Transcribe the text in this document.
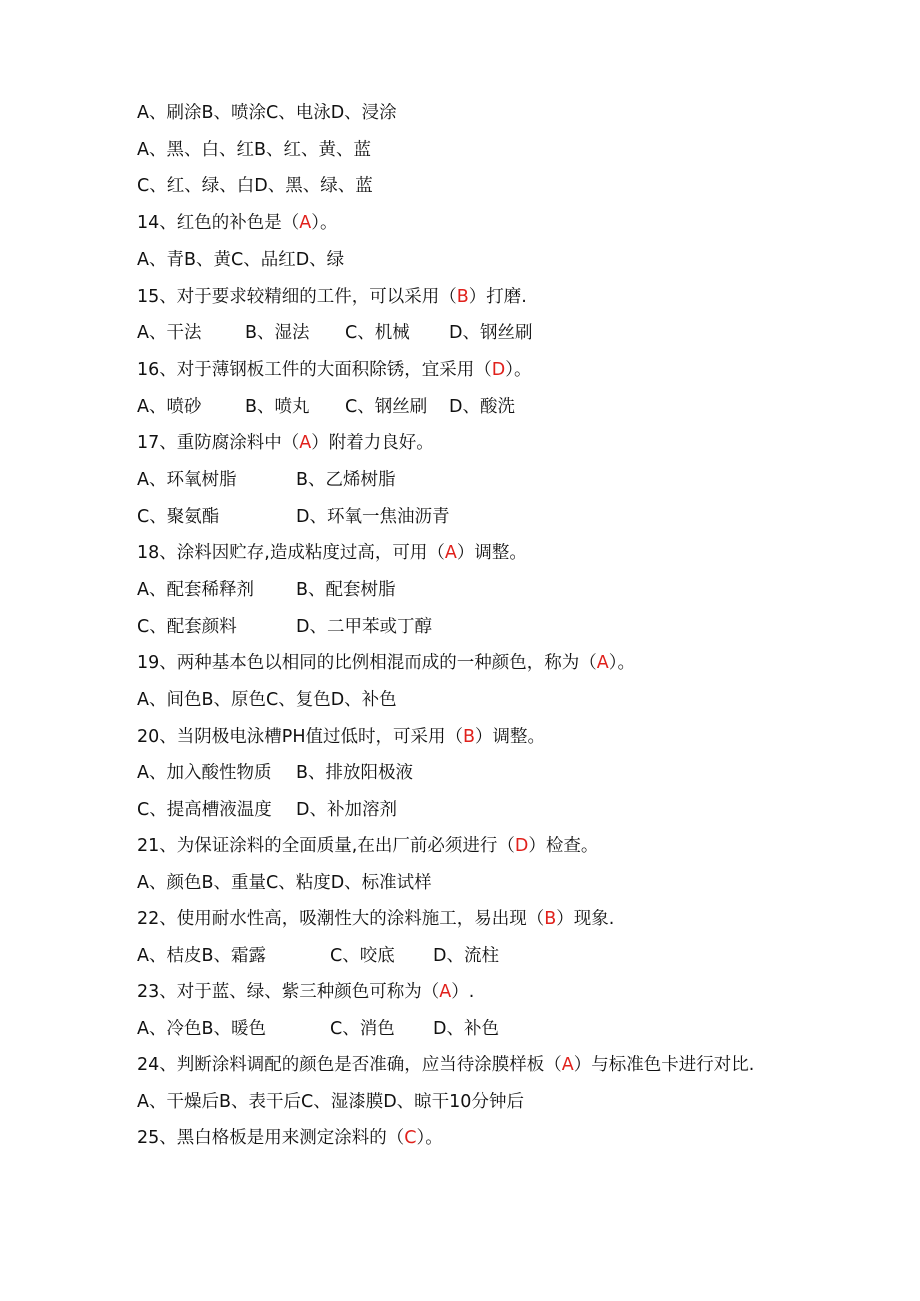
A、刷涂B、喷涂C、电泳D、浸涂
A、黑、白、红B、红、黄、蓝
C、红、绿、白D、黑、绿、蓝
14、红色的补色是（A）。
A、青B、黄C、品红D、绿
15、对于要求较精细的工件，可以采用（B）打磨.
A、干法 B、湿法 C、机械 D、钢丝刷
16、对于薄钢板工件的大面积除锈，宜采用（D）。
A、喷砂 B、喷丸 C、钢丝刷 D、酸洗
17、重防腐涂料中（A）附着力良好。
A、环氧树脂	B、乙烯树脂
C、聚氨酯	D、环氧一焦油沥青
18、涂料因贮存,造成粘度过高，可用（A）调整。
A、配套稀释剂 B、配套树脂
C、配套颜料	D、二甲苯或丁醇
19、两种基本色以相同的比例相混而成的一种颜色，称为（A）。
A、间色B、原色C、复色D、补色
20、当阴极电泳槽PH值过低时，可采用（B）调整。
A、加入酸性物质 B、排放阳极液
C、提高槽液温度 D、补加溶剂
21、为保证涂料的全面质量,在出厂前必须进行（D）检查。
A、颜色B、重量C、粘度D、标准试样
22、使用耐水性高，吸潮性大的涂料施工，易出现（B）现象.
A、桔皮B、霜露	C、咬底 D、流柱
23、对于蓝、绿、紫三种颜色可称为（A）.
A、冷色B、暖色	C、消色 D、补色
24、判断涂料调配的颜色是否准确，应当待涂膜样板（A）与标准色卡进行对比.
A、干燥后B、表干后C、湿漆膜D、晾干10分钟后
25、黑白格板是用来测定涂料的（C）。
